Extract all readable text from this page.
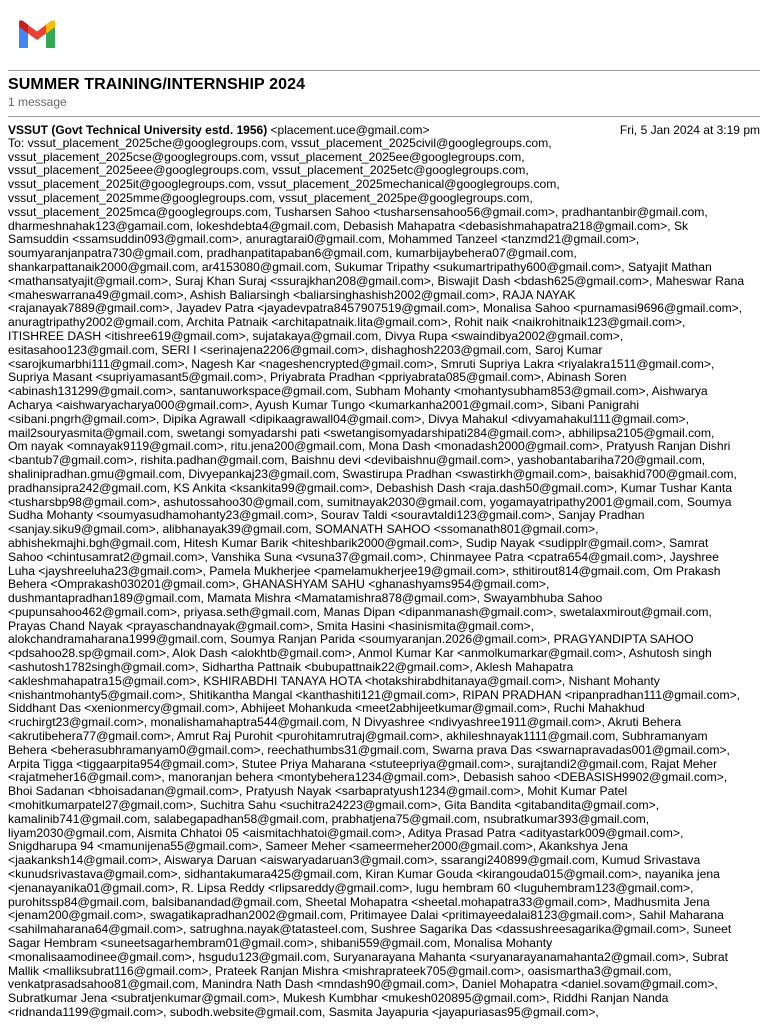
SUMMER TRAINING/INTERNSHIP 2024
1 message
VSSUT (Govt Technical University estd. 1956) <placement.uce@gmail.com>	Fri, 5 Jan 2024 at 3:19 pm
To: vssut_placement_2025che@googlegroups.com, vssut_placement_2025civil@googlegroups.com,
vssut_placement_2025cse@googlegroups.com, vssut_placement_2025ee@googlegroups.com,
vssut_placement_2025eee@googlegroups.com, vssut_placement_2025etc@googlegroups.com,
vssut_placement_2025it@googlegroups.com, vssut_placement_2025mechanical@googlegroups.com,
vssut_placement_2025mme@googlegroups.com, vssut_placement_2025pe@googlegroups.com,
vssut_placement_2025mca@googlegroups.com, Tusharsen Sahoo <tusharsensahoo56@gmail.com>, pradhantanbir@gmail.com,
dharmeshnahak123@gamail.com, lokeshdebta4@gmail.com, Debasish Mahapatra <debasishmahapatra218@gmail.com>, Sk
Samsuddin <ssamsuddin093@gmail.com>, anuragtarai0@gmail.com, Mohammed Tanzeel <tanzmd21@gmail.com>,
soumyaranjanpatra730@gmail.com, pradhanpatitapaban6@gmail.com, kumarbijaybehera07@gmail.com,
shankarpattanaik2000@gmail.com, ar4153080@gmail.com, Sukumar Tripathy <sukumartripathy600@gmail.com>, Satyajit Mathan
<mathansatyajit@gmail.com>, Suraj Khan Suraj <ssurajkhan208@gmail.com>, Biswajit Dash <bdash625@gmail.com>, Maheswar Rana
<maheswarrana49@gmail.com>, Ashish Baliarsingh <baliarsinghashish2002@gmail.com>, RAJA NAYAK
<rajanayak7889@gmail.com>, Jayadev Patra <jayadevpatra8457907519@gmail.com>, Monalisa Sahoo <purnamasi9696@gmail.com>,
anuragtripathy2002@gmail.com, Archita Patnaik <architapatnaik.lita@gmail.com>, Rohit naik <naikrohitnaik123@gmail.com>,
ITISHREE DASH <itishree619@gmail.com>, sujatakaya@gmail.com, Divya Rupa <swaindibya2002@gmail.com>,
esitasahoo123@gmail.com, SERI I <serinajena2206@gmail.com>, dishaghosh2203@gmail.com, Saroj Kumar
<sarojkumarbhi111@gmail.com>, Nagesh Kar <nageshencrypted@gmail.com>, Smruti Supriya Lakra <riyalakra1511@gmail.com>,
Supriya Masant <supriyamasant5@gmail.com>, Priyabrata Pradhan <ppriyabrata085@gmail.com>, Abinash Soren
<abinash131299@gmail.com>, santanuworkspace@gmail.com, Subham Mohanty <mohantysubham853@gmail.com>, Aishwarya
Acharya <aishwaryacharya000@gmail.com>, Ayush Kumar Tungo <kumarkanha2001@gmail.com>, Sibani Panigrahi
<sibani.pngrh@gmail.com>, Dipika Agrawall <dipikaagrawall04@gmail.com>, Divya Mahakul <divyamahakul111@gmail.com>,
mail2souryasmita@gmail.com, swetangi somyadarshi pati <swetangisomyadarshipati284@gmail.com>, abhilipsa2105@gmail.com,
Om nayak <omnayak9119@gmail.com>, ritu.jena200@gmail.com, Mona Dash <monadash2000@gmail.com>, Pratyush Ranjan Dishri
<bantub7@gmail.com>, rishita.padhan@gmail.com, Baishnu devi <devibaishnu@gmail.com>, yashobantabariha720@gmail.com,
shalinipradhan.gmu@gmail.com, Divyepankaj23@gmail.com, Swastirupa Pradhan <swastirkh@gmail.com>, baisakhid700@gmail.com,
pradhansipra242@gmail.com, KS Ankita <ksankita99@gmail.com>, Debashish Dash <raja.dash50@gmail.com>, Kumar Tushar Kanta
<tusharsbp98@gmail.com>, ashutossahoo30@gmail.com, sumitnayak2030@gmail.com, yogamayatripathy2001@gmail.com, Soumya
Sudha Mohanty <soumyasudhamohanty23@gmail.com>, Sourav Taldi <souravtaldi123@gmail.com>, Sanjay Pradhan
<sanjay.siku9@gmail.com>, alibhanayak39@gmail.com, SOMANATH SAHOO <ssomanath801@gmail.com>,
abhishekmajhi.bgh@gmail.com, Hitesh Kumar Barik <hiteshbarik2000@gmail.com>, Sudip Nayak <sudipplr@gmail.com>, Samrat
Sahoo <chintusamrat2@gmail.com>, Vanshika Suna <vsuna37@gmail.com>, Chinmayee Patra <cpatra654@gmail.com>, Jayshree
Luha <jayshreeluha23@gmail.com>, Pamela Mukherjee <pamelamukherjee19@gmail.com>, sthitirout814@gmail.com, Om Prakash
Behera <Omprakash030201@gmail.com>, GHANASHYAM SAHU <ghanashyams954@gmail.com>,
dushmantapradhan189@gmail.com, Mamata Mishra <Mamatamishra878@gmail.com>, Swayambhuba Sahoo
<pupunsahoo462@gmail.com>, priyasa.seth@gmail.com, Manas Dipan <dipanmanash@gmail.com>, swetalaxmirout@gmail.com,
Prayas Chand Nayak <prayaschandnayak@gmail.com>, Smita Hasini <hasinismita@gmail.com>,
alokchandramaharana1999@gmail.com, Soumya Ranjan Parida <soumyaranjan.2026@gmail.com>, PRAGYANDIPTA SAHOO
<pdsahoo28.sp@gmail.com>, Alok Dash <alokhtb@gmail.com>, Anmol Kumar Kar <anmolkumarkar@gmail.com>, Ashutosh singh
<ashutosh1782singh@gmail.com>, Sidhartha Pattnaik <bubupattnaik22@gmail.com>, Aklesh Mahapatra
<akleshmahapatra15@gmail.com>, KSHIRABDHI TANAYA HOTA <hotakshirabdhitanaya@gmail.com>, Nishant Mohanty
<nishantmohanty5@gmail.com>, Shitikantha Mangal <kanthashiti121@gmail.com>, RIPAN PRADHAN <ripanpradhan111@gmail.com>,
Siddhant Das <xenionmercy@gmail.com>, Abhijeet Mohankuda <meet2abhijeetkumar@gmail.com>, Ruchi Mahakhud
<ruchirgt23@gmail.com>, monalishamahaptra544@gmail.com, N Divyashree <ndivyashree1911@gmail.com>, Akruti Behera
<akrutibehera77@gmail.com>, Amrut Raj Purohit <purohitamrutraj@gmail.com>, akhileshnayak1111@gmail.com, Subhramanyam
Behera <beherasubhramanyam0@gmail.com>, reechathumbs31@gmail.com, Swarna prava Das <swarnapravadas001@gmail.com>,
Arpita Tigga <tiggaarpita954@gmail.com>, Stutee Priya Maharana <stuteepriya@gmail.com>, surajtandi2@gmail.com, Rajat Meher
<rajatmeher16@gmail.com>, manoranjan behera <montybehera1234@gmail.com>, Debasish sahoo <DEBASISH9902@gmail.com>,
Bhoi Sadanan <bhoisadanan@gmail.com>, Pratyush Nayak <sarbapratyush1234@gmail.com>, Mohit Kumar Patel
<mohitkumarpatel27@gmail.com>, Suchitra Sahu <suchitra24223@gmail.com>, Gita Bandita <gitabandita@gmail.com>,
kamalinib741@gmail.com, salabegapadhan58@gmail.com, prabhatjena75@gmail.com, nsubratkumar393@gmail.com,
liyam2030@gmail.com, Aismita Chhatoi 05 <aismitachhatoi@gmail.com>, Aditya Prasad Patra <adityastark009@gmail.com>,
Snigdharupa 94 <mamunijena55@gmail.com>, Sameer Meher <sameermeher2000@gmail.com>, Akankshya Jena
<jaakanksh14@gmail.com>, Aiswarya Daruan <aiswaryadaruan3@gmail.com>, ssarangi240899@gmail.com, Kumud Srivastava
<kunudsrivastava@gmail.com>, sidhantakumara425@gmail.com, Kiran Kumar Gouda <kirangouda015@gmail.com>, nayanika jena
<jenanayanika01@gmail.com>, R. Lipsa Reddy <rlipsareddy@gmail.com>, lugu hembram 60 <luguhembram123@gmail.com>,
purohitssp84@gmail.com, balsibanandad@gmail.com, Sheetal Mohapatra <sheetal.mohapatra33@gmail.com>, Madhusmita Jena
<jenam200@gmail.com>, swagatikapradhan2002@gmail.com, Pritimayee Dalai <pritimayeedalai8123@gmail.com>, Sahil Maharana
<sahilmaharana64@gmail.com>, satrughna.nayak@tatasteel.com, Sushree Sagarika Das <dassushreesagarika@gmail.com>, Suneet
Sagar Hembram <suneetsagarhembram01@gmail.com>, shibani559@gmail.com, Monalisa Mohanty
<monalisaamodinee@gmail.com>, hsgudu123@gmail.com, Suryanarayana Mahanta <suryanarayanamahanta2@gmail.com>, Subrat
Mallik <malliksubrat116@gmail.com>, Prateek Ranjan Mishra <mishraprateek705@gmail.com>, oasismartha3@gmail.com,
venkatprasadsahoo81@gmail.com, Manindra Nath Dash <mndash90@gmail.com>, Daniel Mohapatra <daniel.sovam@gmail.com>,
Subratkumar Jena <subratjenkumar@gmail.com>, Mukesh Kumbhar <mukesh020895@gmail.com>, Riddhi Ranjan Nanda
<ridnanda1199@gmail.com>, subodh.website@gmail.com, Sasmita Jayapuria <jayapuriasas95@gmail.com>,
